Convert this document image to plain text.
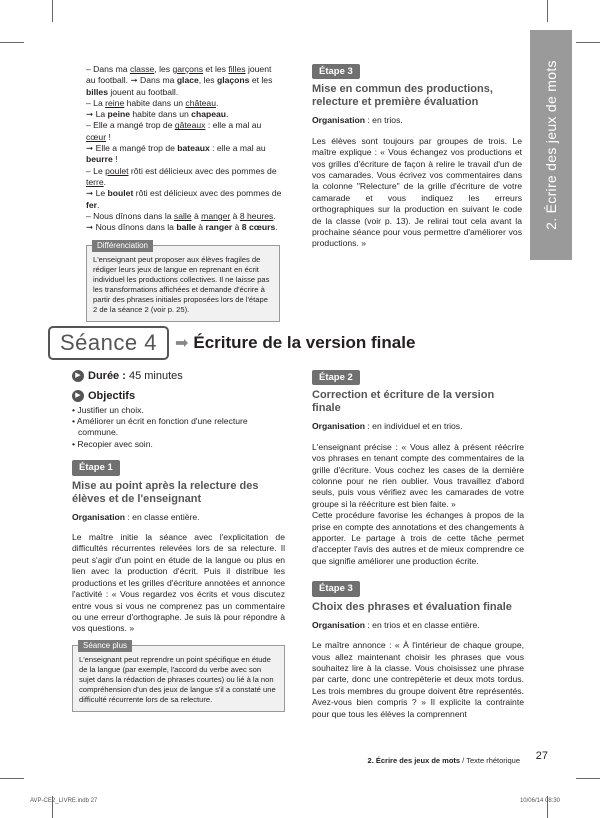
2. Écrire des jeux de mots
– Dans ma classe, les garçons et les filles jouent au football. ➞ Dans ma glace, les glaçons et les billes jouent au football.
– La reine habite dans un château.
➞ La peine habite dans un chapeau.
– Elle a mangé trop de gâteaux : elle a mal au cœur !
➞ Elle a mangé trop de bateaux : elle a mal au beurre !
– Le poulet rôti est délicieux avec des pommes de terre.
➞ Le boulet rôti est délicieux avec des pommes de fer.
– Nous dînons dans la salle à manger à 8 heures.
➞ Nous dînons dans la balle à ranger à 8 cœurs.
Différenciation
L'enseignant peut proposer aux élèves fragiles de rédiger leurs jeux de langue en reprenant en écrit individuel les productions collectives. Il ne laisse pas les transformations affichées et demande d'écrire à partir des phrases initiales proposées lors de l'étape 2 de la séance 2 (voir p. 25).
Étape 3
Mise en commun des productions, relecture et première évaluation
Organisation : en trios.

Les élèves sont toujours par groupes de trois. Le maître explique : « Vous échangez vos productions et vos grilles d'écriture de façon à relire le travail d'un de vos camarades. Vous écrivez vos commentaires dans la colonne "Relecture" de la grille d'écriture de votre camarade et vous indiquez les erreurs orthographiques sur la production en suivant le code de la classe (voir p. 13). Je relirai tout cela avant la prochaine séance pour vous permettre d'améliorer vos productions. »

Séance 4	➡ Écriture de la version finale
▶ Durée : 45 minutes
▶ Objectifs
• Justifier un choix.
• Améliorer un écrit en fonction d'une relecture commune.
• Recopier avec soin.
Étape 1
Mise au point après la relecture des élèves et de l'enseignant
Organisation : en classe entière.

Le maître initie la séance avec l'explicitation de difficultés récurrentes relevées lors de sa relecture. Il peut s'agir d'un point en étude de la langue ou plus en lien avec la production d'écrit. Puis il distribue les productions et les grilles d'écriture annotées et annonce l'activité : « Vous regardez vos écrits et vous discutez entre vous si vous ne comprenez pas un commentaire ou une erreur d'orthographe. Je suis là pour répondre à vos questions. »

Séance plus
L'enseignant peut reprendre un point spécifique en étude de la langue (par exemple, l'accord du verbe avec son sujet dans la rédaction de phrases courtes) ou lié à la non compréhension d'un des jeux de langue s'il a constaté une difficulté récurrente lors de sa relecture.
Étape 2
Correction et écriture de la version finale
Organisation : en individuel et en trios.

L'enseignant précise : « Vous allez à présent réécrire vos phrases en tenant compte des commentaires de la grille d'écriture. Vous cochez les cases de la dernière colonne pour ne rien oublier. Vous travaillez d'abord seuls, puis vous vérifiez avec les camarades de votre groupe si la réécriture est bien faite. »

Cette procédure favorise les échanges à propos de la prise en compte des annotations et des changements à apporter. Le partage à trois de cette tâche permet d'accepter l'avis des autres et de mieux comprendre ce que signifie améliorer une production écrite.

Étape 3
Choix des phrases et évaluation finale
Organisation : en trios et en classe entière.

Le maître annonce : « À l'intérieur de chaque groupe, vous allez maintenant choisir les phrases que vous souhaitez lire à la classe. Vous choisissez une phrase par carte, donc une contrepèterie et deux mots tordus. Les trois membres du groupe doivent être représentés. Avez-vous bien compris ? » Il explicite la contrainte pour que tous les élèves la comprennent

2. Écrire des jeux de mots / Texte rhétorique 27
AVP-CE2_LIVRE.indb 27	10/06/14 08:30
